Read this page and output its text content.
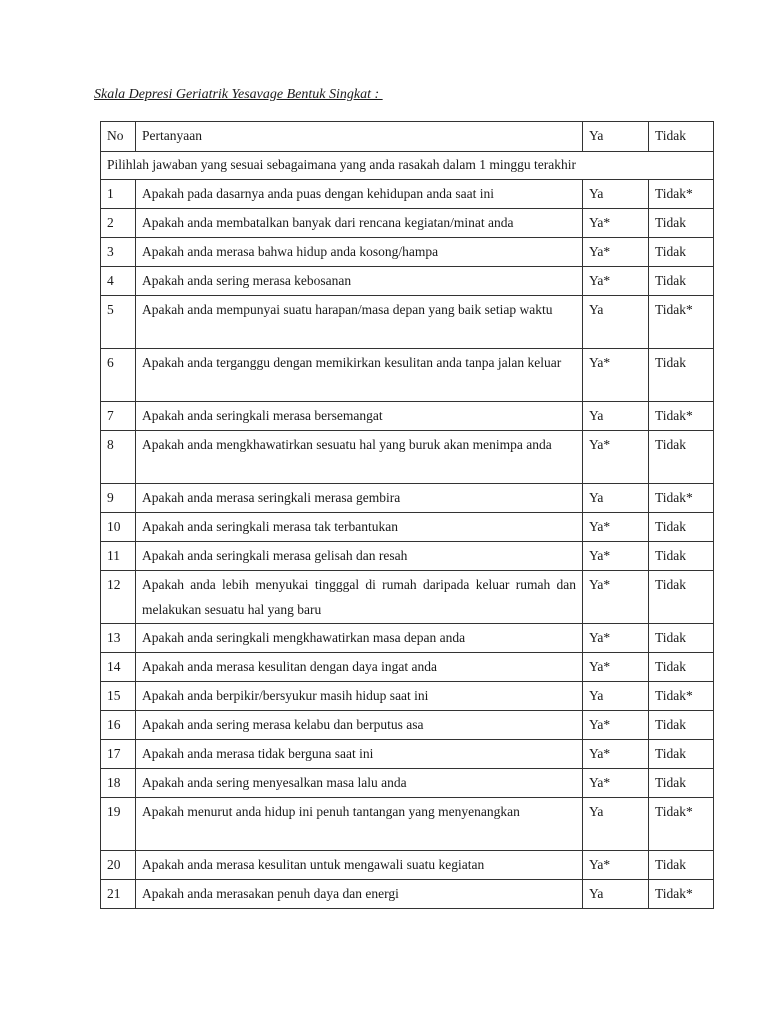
Skala Depresi Geriatrik Yesavage Bentuk Singkat :
No	Pertanyaan	Ya	Tidak
Pilihlah jawaban yang sesuai sebagaimana yang anda rasakah dalam 1 minggu terakhir			
1	Apakah pada dasarnya anda puas dengan kehidupan anda saat ini	Ya	Tidak*
2	Apakah anda membatalkan banyak dari rencana kegiatan/minat anda	Ya*	Tidak
3	Apakah anda merasa bahwa hidup anda kosong/hampa	Ya*	Tidak
4	Apakah anda sering merasa kebosanan	Ya*	Tidak
5	Apakah anda mempunyai suatu harapan/masa depan yang baik setiap waktu	Ya	Tidak*
6	Apakah anda terganggu dengan memikirkan kesulitan anda tanpa jalan keluar	Ya*	Tidak
7	Apakah anda seringkali merasa bersemangat	Ya	Tidak*
8	Apakah anda mengkhawatirkan sesuatu hal yang buruk akan menimpa anda	Ya*	Tidak
9	Apakah anda merasa seringkali merasa gembira	Ya	Tidak*
10	Apakah anda seringkali merasa tak terbantukan	Ya*	Tidak
11	Apakah anda seringkali merasa gelisah dan resah	Ya*	Tidak
12	Apakah anda lebih menyukai tingggal di rumah daripada keluar rumah dan melakukan sesuatu hal yang baru	Ya*	Tidak
13	Apakah anda seringkali mengkhawatirkan masa depan anda	Ya*	Tidak
14	Apakah anda merasa kesulitan dengan daya ingat anda	Ya*	Tidak
15	Apakah anda berpikir/bersyukur masih hidup saat ini	Ya	Tidak*
16	Apakah anda sering merasa kelabu dan berputus asa	Ya*	Tidak
17	Apakah anda merasa tidak berguna saat ini	Ya*	Tidak
18	Apakah anda sering menyesalkan masa lalu anda	Ya*	Tidak
19	Apakah menurut anda hidup ini penuh tantangan yang menyenangkan	Ya	Tidak*
20	Apakah anda merasa kesulitan untuk mengawali suatu kegiatan	Ya*	Tidak
21	Apakah anda merasakan penuh daya dan energi	Ya	Tidak*
